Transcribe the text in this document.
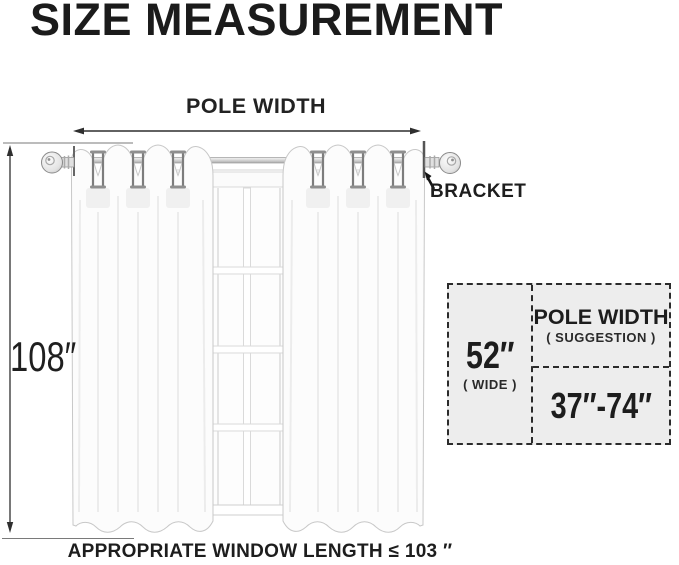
SIZE MEASUREMENT
POLE WIDTH
BRACKET
108″
APPROPRIATE WINDOW LENGTH ≤ 103 ″
52″
( WIDE )
POLE WIDTH
( SUGGESTION )
37″-74″
